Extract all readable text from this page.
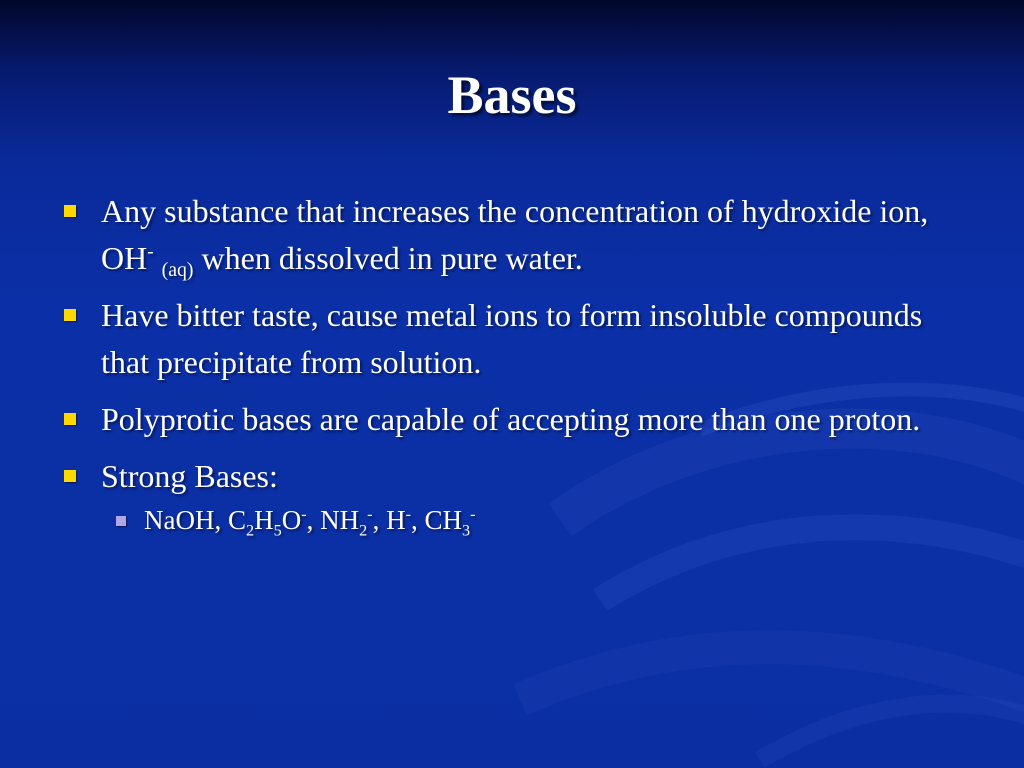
Bases
Any substance that increases the concentration of hydroxide ion, OH- $_{(aq)}$ when dissolved in pure water.
Have bitter taste, cause metal ions to form insoluble compounds that precipitate from solution.
Polyprotic bases are capable of accepting more than one proton.
Strong Bases:
NaOH, $C_2H_5O^-$, $NH_2^-$, H-, $CH_3^-$
